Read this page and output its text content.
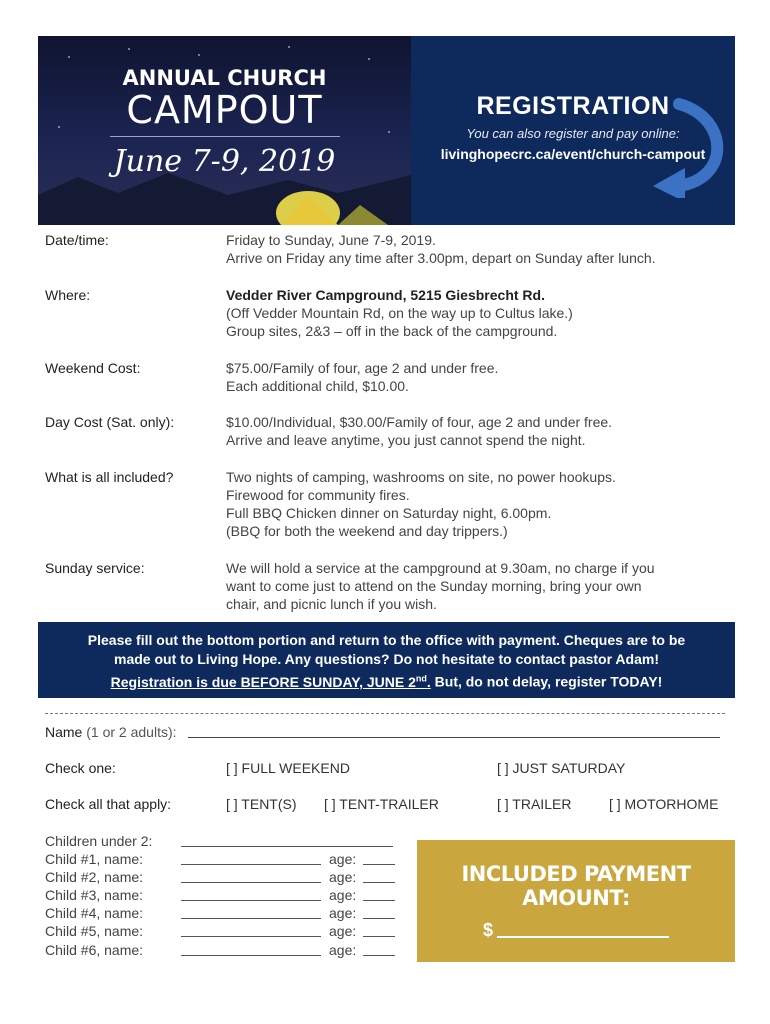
ANNUAL CHURCH
CAMPOUT
June 7-9, 2019
REGISTRATION
You can also register and pay online:
livinghopecrc.ca/event/church-campout
Date/time:	Friday to Sunday, June 7-9, 2019.
Arrive on Friday any time after 3.00pm, depart on Sunday after lunch.
Where:	Vedder River Campground, 5215 Giesbrecht Rd.
(Off Vedder Mountain Rd, on the way up to Cultus lake.)
Group sites, 2&3 – off in the back of the campground.
Weekend Cost:	$75.00/Family of four, age 2 and under free.
Each additional child, $10.00.
Day Cost (Sat. only):	$10.00/Individual, $30.00/Family of four, age 2 and under free.
Arrive and leave anytime, you just cannot spend the night.
What is all included?	Two nights of camping, washrooms on site, no power hookups.
Firewood for community fires.
Full BBQ Chicken dinner on Saturday night, 6.00pm.
(BBQ for both the weekend and day trippers.)
Sunday service:	We will hold a service at the campground at 9.30am, no charge if you
want to come just to attend on the Sunday morning, bring your own
chair, and picnic lunch if you wish.
Please fill out the bottom portion and return to the office with payment. Cheques are to be
made out to Living Hope. Any questions? Do not hesitate to contact pastor Adam!
Registration is due BEFORE SUNDAY, JUNE 2nd. But, do not delay, register TODAY!
Name (1 or 2 adults):
Check one:	[ ] FULL WEEKEND	[ ] JUST SATURDAY
Check all that apply:	[ ] TENT(S) [ ] TENT-TRAILER	[ ] TRAILER	[ ] MOTORHOME
Children under 2:
Child #1, name:	age:
Child #2, name:	age:
Child #3, name:	age:
Child #4, name:	age:
Child #5, name:	age:
Child #6, name:	age:
INCLUDED PAYMENT AMOUNT:
$
